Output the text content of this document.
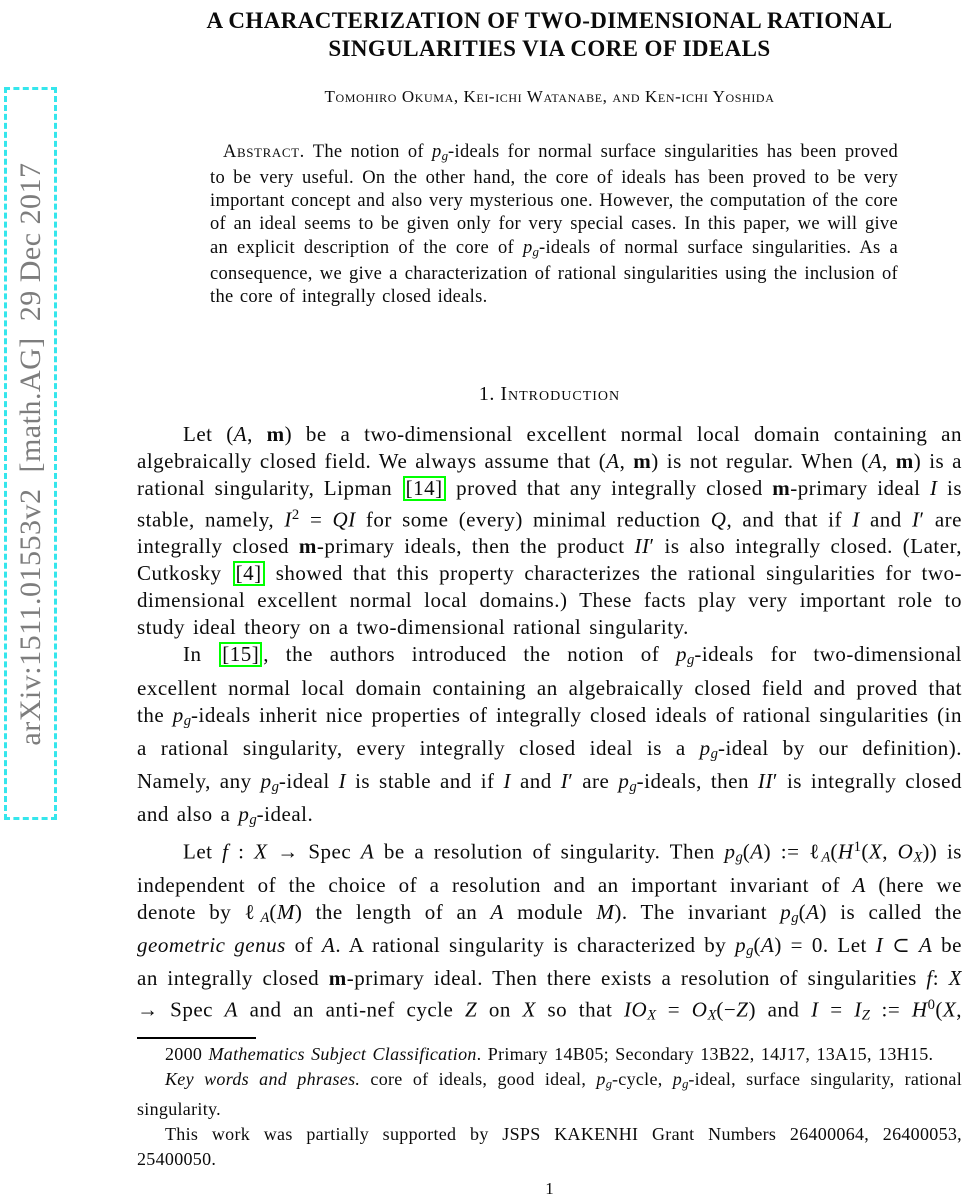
arXiv:1511.01553v2  [math.AG]  29 Dec 2017
A CHARACTERIZATION OF TWO-DIMENSIONAL RATIONAL
SINGULARITIES VIA CORE OF IDEALS
Tomohiro Okuma, Kei-ichi Watanabe, and Ken-ichi Yoshida
Abstract. The notion of pg-ideals for normal surface singularities has been proved to be very useful. On the other hand, the core of ideals has been proved to be very important concept and also very mysterious one. However, the computation of the core of an ideal seems to be given only for very special cases. In this paper, we will give an explicit description of the core of pg-ideals of normal surface singularities. As a consequence, we give a characterization of rational singularities using the inclusion of the core of integrally closed ideals.
1. Introduction

Let (A, m) be a two-dimensional excellent normal local domain containing an algebraically closed field. We always assume that (A, m) is not regular. When (A, m) is a rational singularity, Lipman [14] proved that any integrally closed m-primary ideal I is stable, namely, $I^2$ = QI for some (every) minimal reduction Q, and that if I and I′ are integrally closed m-primary ideals, then the product II′ is also integrally closed. (Later, Cutkosky [4] showed that this property characterizes the rational singularities for two-dimensional excellent normal local domains.) These facts play very important role to study ideal theory on a two-dimensional rational singularity.

In [15] , the authors introduced the notion of pg-ideals for two-dimensional excellent normal local domain containing an algebraically closed field and proved that the pg-ideals inherit nice properties of integrally closed ideals of rational singularities (in a rational singularity, every integrally closed ideal is a pg-ideal by our definition). Namely, any pg-ideal I is stable and if I and I′ are pg-ideals, then II′ is integrally closed and also a pg-ideal.

Let f : X → Spec A be a resolution of singularity. Then pg(A) := $\ell A(H^1(X$, OX)) is independent of the choice of a resolution and an important invariant of A (here we denote by ℓA(M) the length of an A module M). The invariant pg(A) is called the geometric genus of A. A rational singularity is characterized by pg(A) = 0. Let I ⊂ A be an integrally closed m-primary ideal. Then there exists a resolution of singularities f: X → Spec A and an anti-nef cycle Z on X so that IOX = OX(−Z) and I = IZ := $H^0(X$,

2000 Mathematics Subject Classification. Primary 14B05; Secondary 13B22, 14J17, 13A15, 13H15.

Key words and phrases. core of ideals, good ideal, pg-cycle, pg-ideal, surface singularity, rational singularity.

This work was partially supported by JSPS KAKENHI Grant Numbers 26400064, 26400053, 25400050.

1
